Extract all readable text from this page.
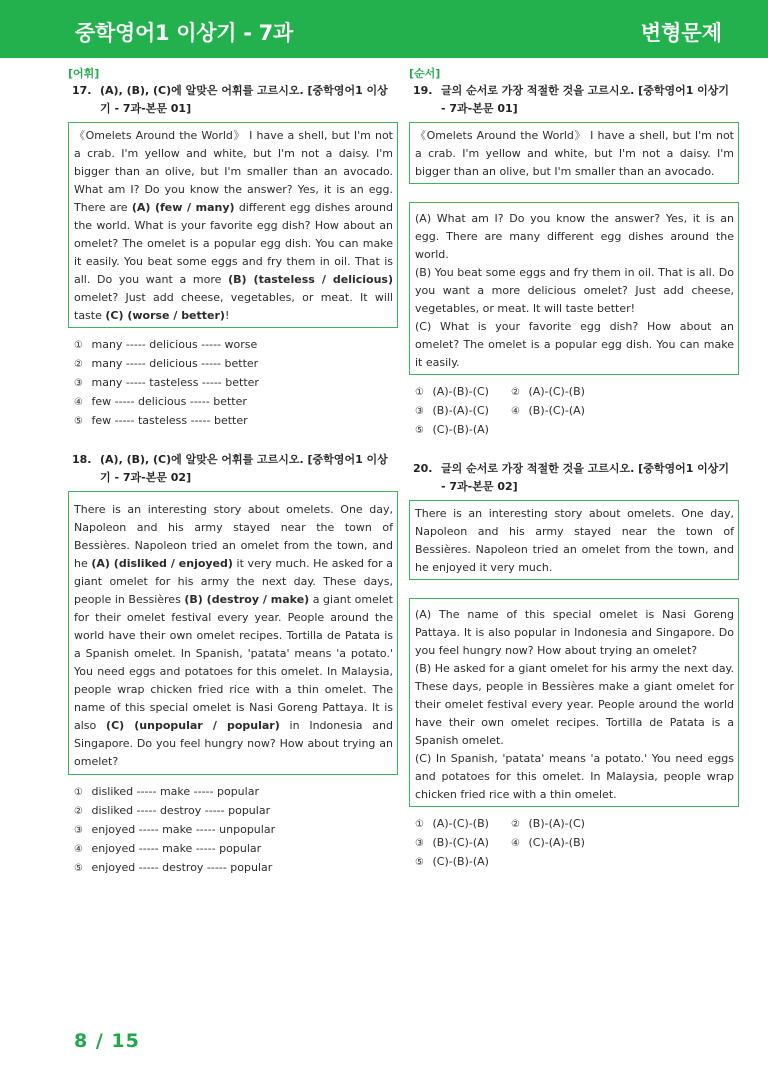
중학영어1 이상기 - 7과	변형문제
[어휘]
17. (A), (B), (C)에 알맞은 어휘를 고르시오. [중학영어1 이상기 - 7과-본문 01]

《Omelets Around the World》 I have a shell, but I'm not a crab. I'm yellow and white, but I'm not a daisy. I'm bigger than an olive, but I'm smaller than an avocado. What am I? Do you know the answer? Yes, it is an egg. There are (A) (few / many) different egg dishes around the world. What is your favorite egg dish? How about an omelet? The omelet is a popular egg dish. You can make it easily. You beat some eggs and fry them in oil. That is all. Do you want a more (B) (tasteless / delicious) omelet? Just add cheese, vegetables, or meat. It will taste (C) (worse / better)!

① many ----- delicious ----- worse
② many ----- delicious ----- better
③ many ----- tasteless ----- better
④ few ----- delicious ----- better
⑤ few ----- tasteless ----- better
18. (A), (B), (C)에 알맞은 어휘를 고르시오. [중학영어1 이상기 - 7과-본문 02]

There is an interesting story about omelets. One day, Napoleon and his army stayed near the town of Bessières. Napoleon tried an omelet from the town, and he (A) (disliked / enjoyed) it very much. He asked for a giant omelet for his army the next day. These days, people in Bessières (B) (destroy / make) a giant omelet for their omelet festival every year. People around the world have their own omelet recipes. Tortilla de Patata is a Spanish omelet. In Spanish, 'patata' means 'a potato.' You need eggs and potatoes for this omelet. In Malaysia, people wrap chicken fried rice with a thin omelet. The name of this special omelet is Nasi Goreng Pattaya. It is also (C) (unpopular / popular) in Indonesia and Singapore. Do you feel hungry now? How about trying an omelet?

① disliked ----- make ----- popular
② disliked ----- destroy ----- popular
③ enjoyed ----- make ----- unpopular
④ enjoyed ----- make ----- popular
⑤ enjoyed ----- destroy ----- popular
[순서]
19. 글의 순서로 가장 적절한 것을 고르시오. [중학영어1 이상기 - 7과-본문 01]

《Omelets Around the World》 I have a shell, but I'm not a crab. I'm yellow and white, but I'm not a daisy. I'm bigger than an olive, but I'm smaller than an avocado.

(A) What am I? Do you know the answer? Yes, it is an egg. There are many different egg dishes around the world.

(B) You beat some eggs and fry them in oil. That is all. Do you want a more delicious omelet? Just add cheese, vegetables, or meat. It will taste better!

(C) What is your favorite egg dish? How about an omelet? The omelet is a popular egg dish. You can make it easily.

① (A)-(B)-(C)	② (A)-(C)-(B)
③ (B)-(A)-(C)	④ (B)-(C)-(A)
⑤ (C)-(B)-(A)
20. 글의 순서로 가장 적절한 것을 고르시오. [중학영어1 이상기 - 7과-본문 02]

There is an interesting story about omelets. One day, Napoleon and his army stayed near the town of Bessières. Napoleon tried an omelet from the town, and he enjoyed it very much.

(A) The name of this special omelet is Nasi Goreng Pattaya. It is also popular in Indonesia and Singapore. Do you feel hungry now? How about trying an omelet?

(B) He asked for a giant omelet for his army the next day. These days, people in Bessières make a giant omelet for their omelet festival every year. People around the world have their own omelet recipes. Tortilla de Patata is a Spanish omelet.

(C) In Spanish, 'patata' means 'a potato.' You need eggs and potatoes for this omelet. In Malaysia, people wrap chicken fried rice with a thin omelet.

① (A)-(C)-(B)	② (B)-(A)-(C)
③ (B)-(C)-(A)	④ (C)-(A)-(B)
⑤ (C)-(B)-(A)
8 / 15
